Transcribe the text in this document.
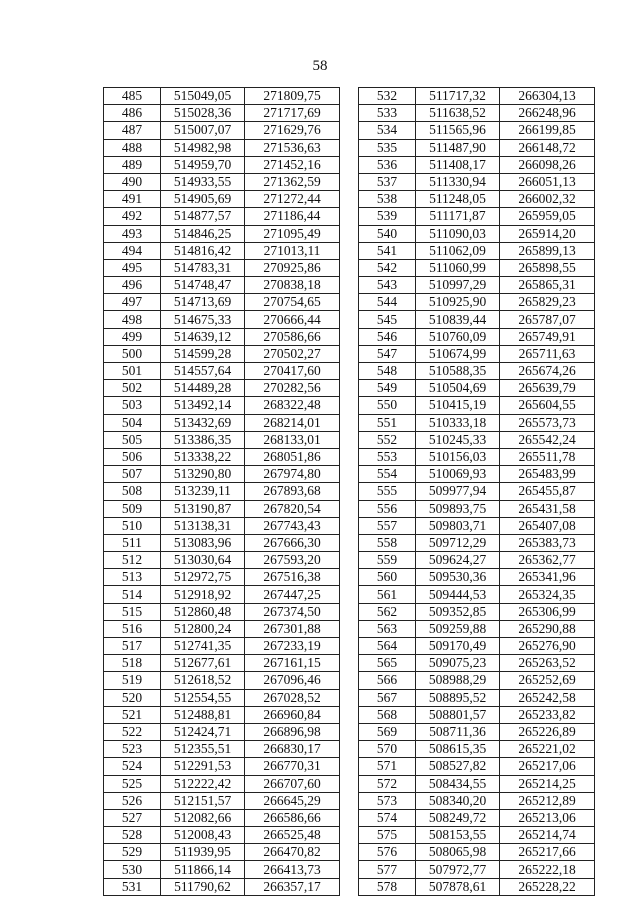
58
485	515049,05	271809,75
486	515028,36	271717,69
487	515007,07	271629,76
488	514982,98	271536,63
489	514959,70	271452,16
490	514933,55	271362,59
491	514905,69	271272,44
492	514877,57	271186,44
493	514846,25	271095,49
494	514816,42	271013,11
495	514783,31	270925,86
496	514748,47	270838,18
497	514713,69	270754,65
498	514675,33	270666,44
499	514639,12	270586,66
500	514599,28	270502,27
501	514557,64	270417,60
502	514489,28	270282,56
503	513492,14	268322,48
504	513432,69	268214,01
505	513386,35	268133,01
506	513338,22	268051,86
507	513290,80	267974,80
508	513239,11	267893,68
509	513190,87	267820,54
510	513138,31	267743,43
511	513083,96	267666,30
512	513030,64	267593,20
513	512972,75	267516,38
514	512918,92	267447,25
515	512860,48	267374,50
516	512800,24	267301,88
517	512741,35	267233,19
518	512677,61	267161,15
519	512618,52	267096,46
520	512554,55	267028,52
521	512488,81	266960,84
522	512424,71	266896,98
523	512355,51	266830,17
524	512291,53	266770,31
525	512222,42	266707,60
526	512151,57	266645,29
527	512082,66	266586,66
528	512008,43	266525,48
529	511939,95	266470,82
530	511866,14	266413,73
531	511790,62	266357,17
532	511717,32	266304,13
533	511638,52	266248,96
534	511565,96	266199,85
535	511487,90	266148,72
536	511408,17	266098,26
537	511330,94	266051,13
538	511248,05	266002,32
539	511171,87	265959,05
540	511090,03	265914,20
541	511062,09	265899,13
542	511060,99	265898,55
543	510997,29	265865,31
544	510925,90	265829,23
545	510839,44	265787,07
546	510760,09	265749,91
547	510674,99	265711,63
548	510588,35	265674,26
549	510504,69	265639,79
550	510415,19	265604,55
551	510333,18	265573,73
552	510245,33	265542,24
553	510156,03	265511,78
554	510069,93	265483,99
555	509977,94	265455,87
556	509893,75	265431,58
557	509803,71	265407,08
558	509712,29	265383,73
559	509624,27	265362,77
560	509530,36	265341,96
561	509444,53	265324,35
562	509352,85	265306,99
563	509259,88	265290,88
564	509170,49	265276,90
565	509075,23	265263,52
566	508988,29	265252,69
567	508895,52	265242,58
568	508801,57	265233,82
569	508711,36	265226,89
570	508615,35	265221,02
571	508527,82	265217,06
572	508434,55	265214,25
573	508340,20	265212,89
574	508249,72	265213,06
575	508153,55	265214,74
576	508065,98	265217,66
577	507972,77	265222,18
578	507878,61	265228,22
